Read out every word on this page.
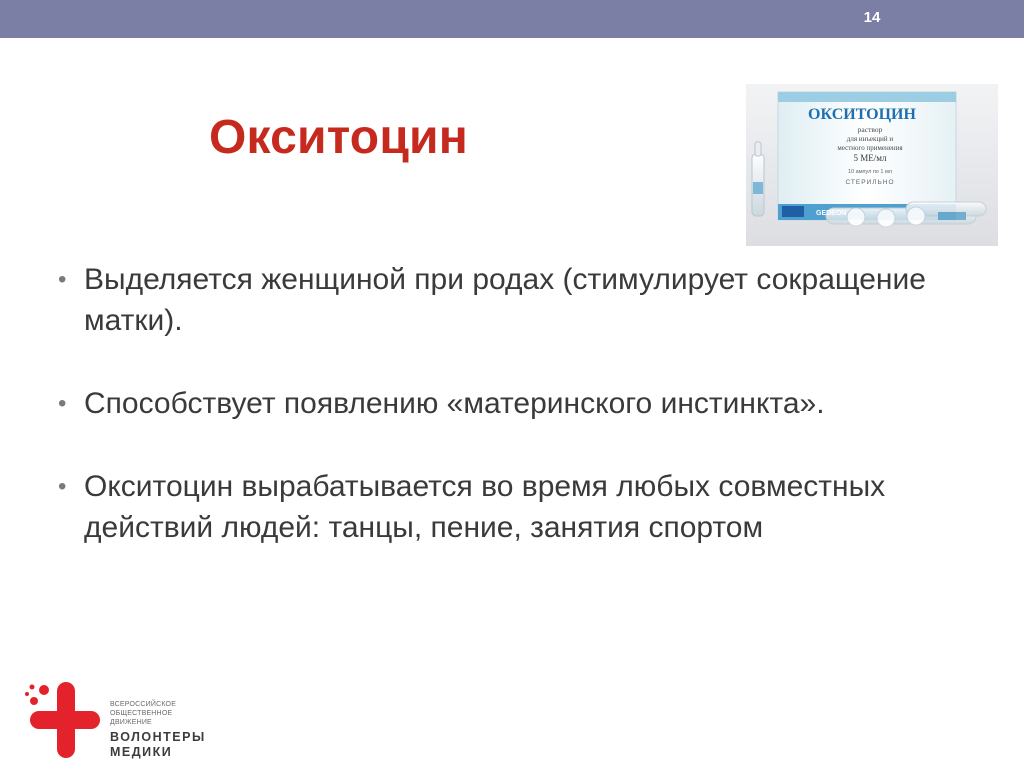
14
Окситоцин	ОКСИТОЦИН
раствор
для инъекций и
местного применения
5 МЕ/мл
10 ампул по 1 мл
СТЕРИЛЬНО
GEDEON
• Выделяется женщиной при родах (стимулирует сокращение матки).
• Способствует появлению «материнского инстинкта».
• Окситоцин вырабатывается во время любых совместных действий людей: танцы, пение, занятия спортом
ВСЕРОССИЙСКОЕ
ОБЩЕСТВЕННОЕ
ДВИЖЕНИЕ
ВОЛОНТЕРЫ
МЕДИКИ
